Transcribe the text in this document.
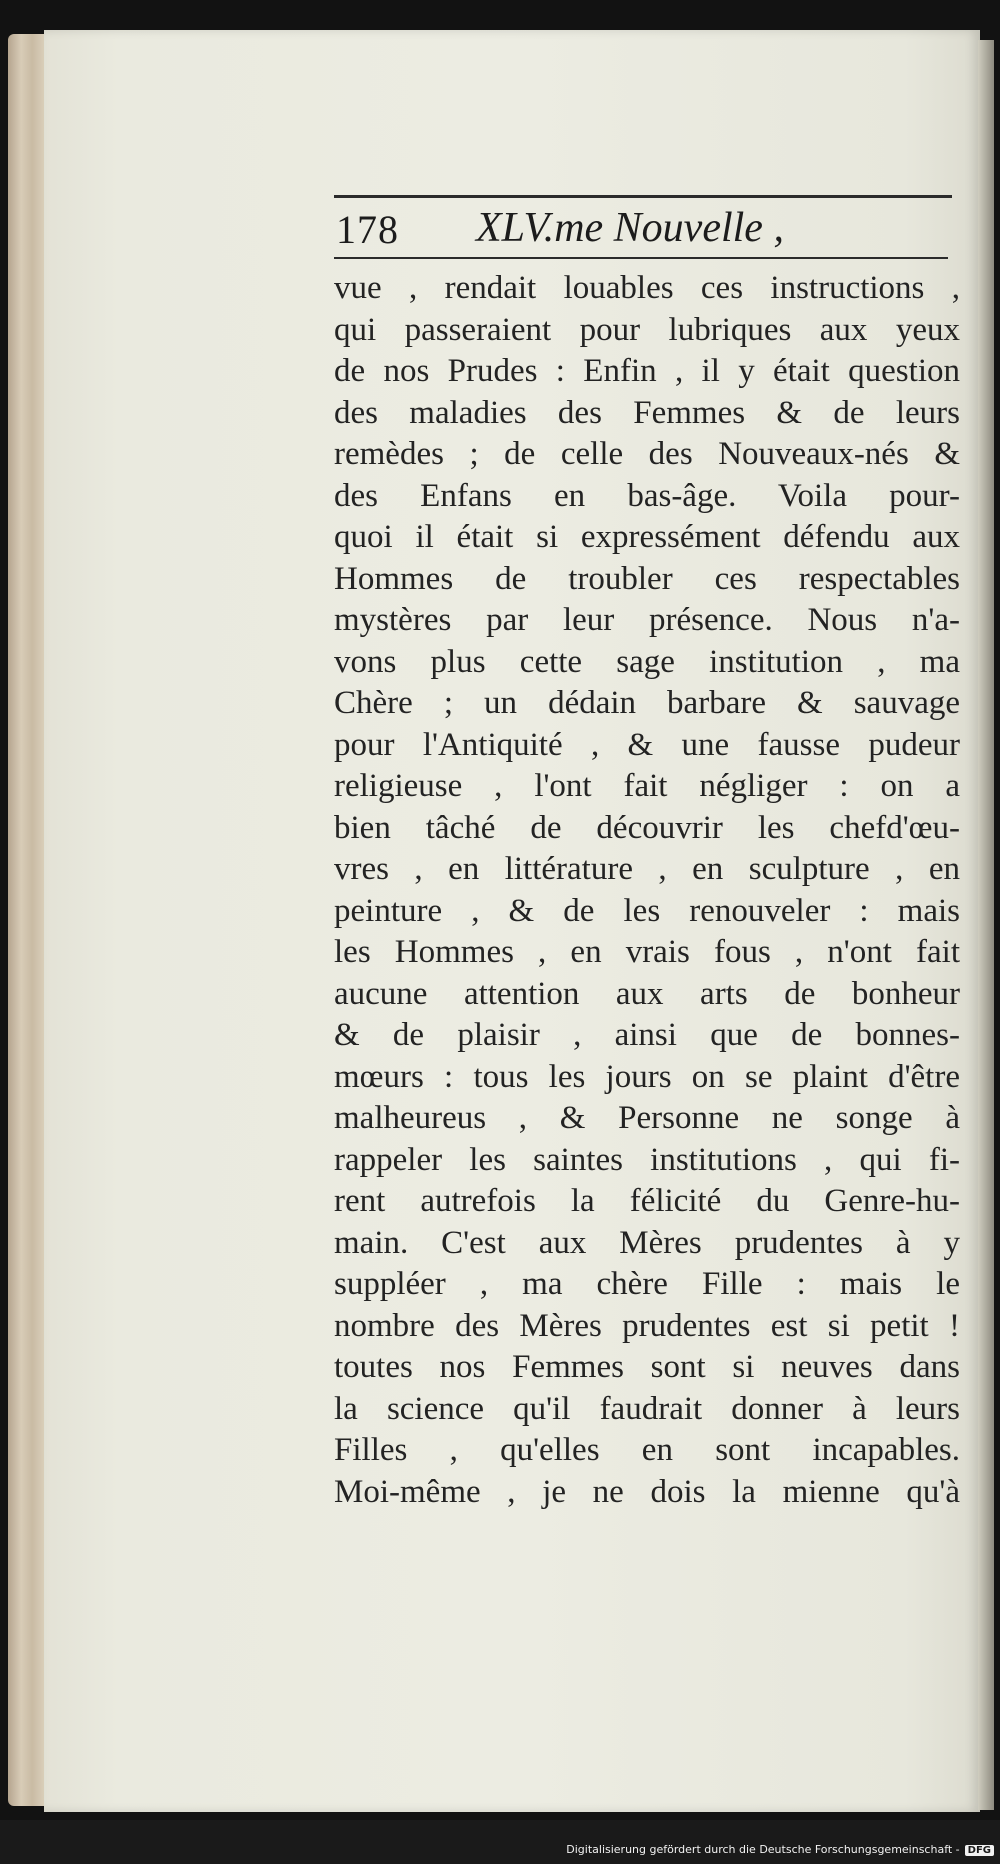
178 XLV.me Nouvelle ,
vue , rendait louables ces instructions ,
qui passeraient pour lubriques aux yeux
de nos Prudes : Enfin , il y était question
des maladies des Femmes & de leurs
remèdes ; de celle des Nouveaux-nés &
des Enfans en bas-âge. Voila pour-
quoi il était si expressément défendu aux
Hommes de troubler ces respectables
mystères par leur présence. Nous n'a-
vons plus cette sage institution , ma
Chère ; un dédain barbare & sauvage
pour l'Antiquité , & une fausse pudeur
religieuse , l'ont fait négliger : on a
bien tâché de découvrir les chefd'œu-
vres , en littérature , en sculpture , en
peinture , & de les renouveler : mais
les Hommes , en vrais fous , n'ont fait
aucune attention aux arts de bonheur
& de plaisir , ainsi que de bonnes-
mœurs : tous les jours on se plaint d'être
malheureus , & Personne ne songe à
rappeler les saintes institutions , qui fi-
rent autrefois la félicité du Genre-hu-
main. C'est aux Mères prudentes à y
suppléer , ma chère Fille : mais le
nombre des Mères prudentes est si petit !
toutes nos Femmes sont si neuves dans
la science qu'il faudrait donner à leurs
Filles , qu'elles en sont incapables.
Moi-même , je ne dois la mienne qu'à
Digitalisierung gefördert durch die Deutsche Forschungsgemeinschaft - DFG
